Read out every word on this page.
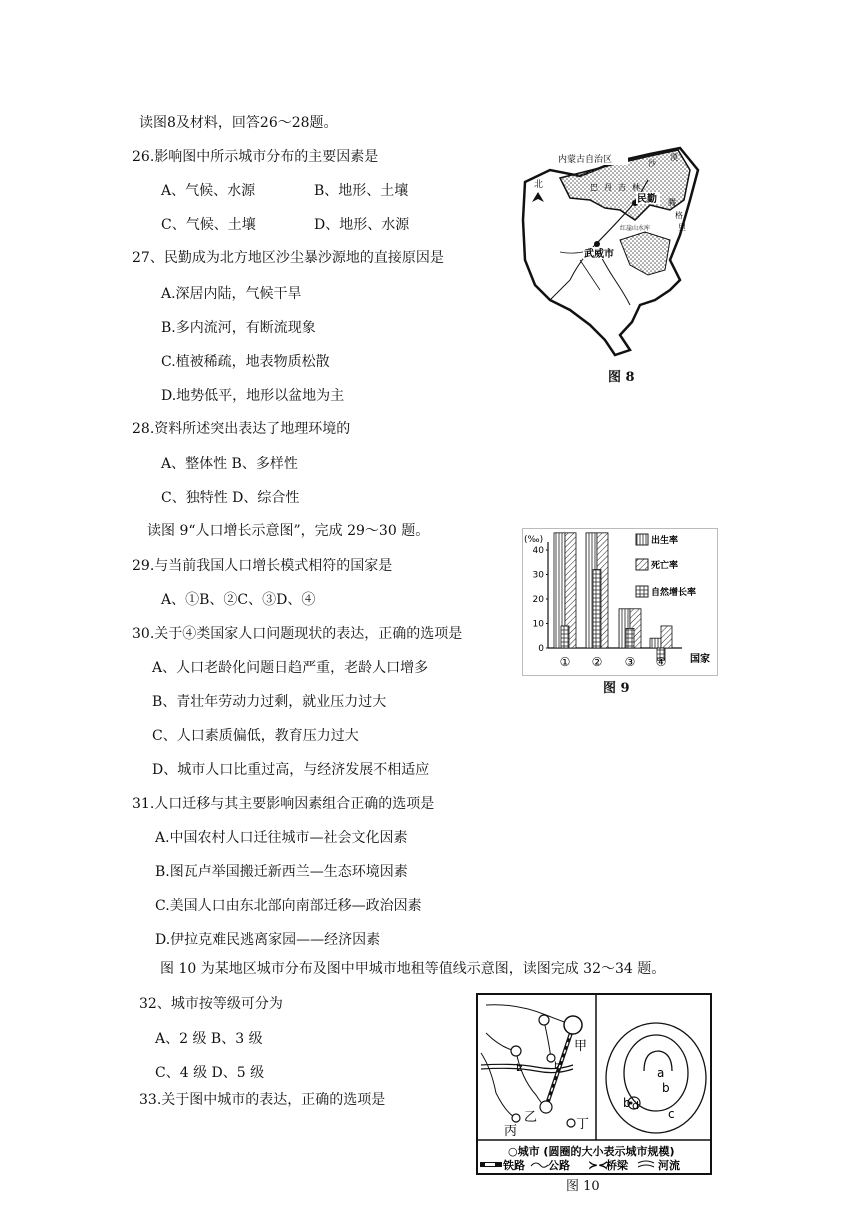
读图8及材料，回答26～28题。
26.影响图中所示城市分布的主要因素是
A、气候、水源	B、地形、土壤
C、气候、土壤	D、地形、水源
27、民勤成为北方地区沙尘暴沙源地的直接原因是
A.深居内陆，气候干旱
B.多内流河，有断流现象
C.植被稀疏，地表物质松散
D.地势低平，地形以盆地为主
28.资料所述突出表达了地理环境的
A、整体性 B、多样性
C、独特性 D、综合性
读图 9“人口增长示意图”，完成 29～30 题。
29.与当前我国人口增长模式相符的国家是
A、①B、②C、③D、④
30.关于④类国家人口问题现状的表达，正确的选项是
A、人口老龄化问题日趋严重，老龄人口增多
B、青壮年劳动力过剩，就业压力过大
C、人口素质偏低，教育压力过大
D、城市人口比重过高，与经济发展不相适应
31.人口迁移与其主要影响因素组合正确的选项是
A.中国农村人口迁往城市—社会文化因素
B.图瓦卢举国搬迁新西兰—生态环境因素
C.美国人口由东北部向南部迁移—政治因素
D.伊拉克难民逃离家园——经济因素
图 10 为某地区城市分布及图中甲城市地租等值线示意图，读图完成 32～34 题。
32、城市按等级可分为
A、2 级 B、3 级
C、4 级 D、5 级
33.关于图中城市的表达，正确的选项是
内蒙古自治区
北	巴 丹 吉 林
沙
漠
腾
格
里
民勤
红崖山水库
武威市
图 8
(‰)
0
10
20
30
40
① ② ③ ④ 国家
出生率
死亡率
自然增长率
图 9
ʫ	ʫ
甲
乙
丙	丁
a
b
b d
c
○城市 (圆圈的大小表示城市规模)
铁路 公路 ≻≺
桥梁	河流
图 10
